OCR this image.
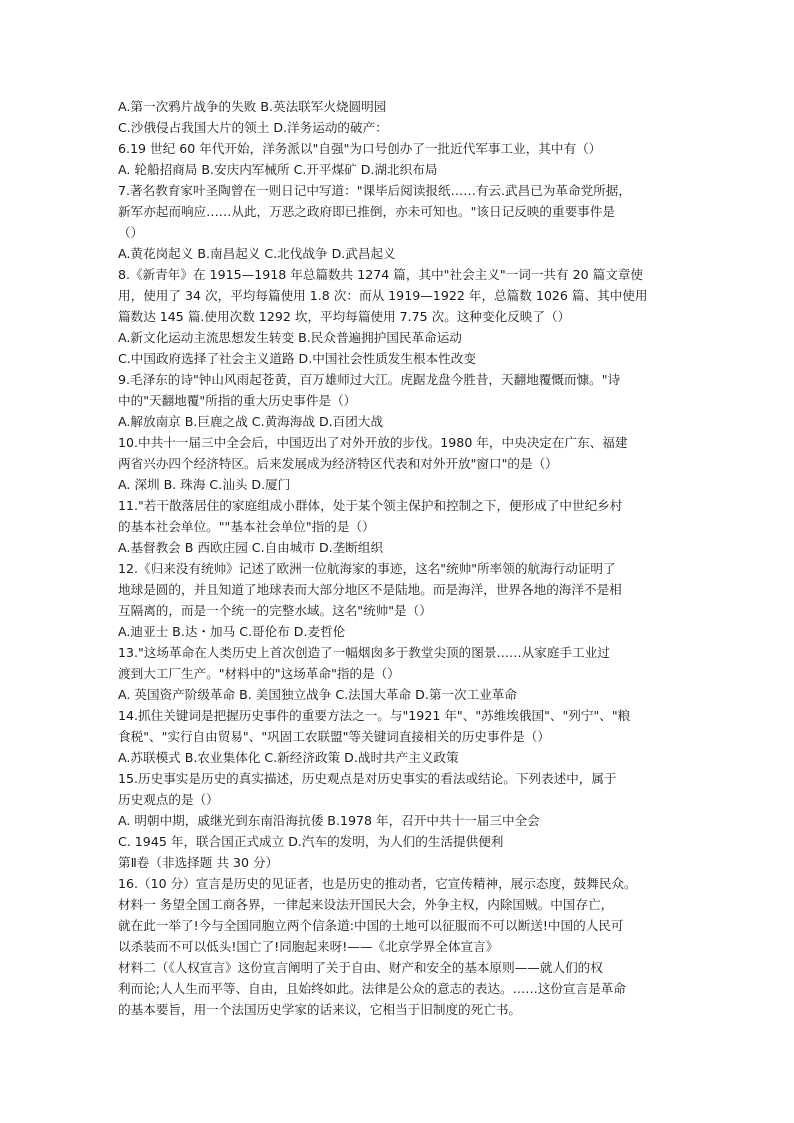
A.第一次鸦片战争的失败 B.英法联军火烧圆明园
C.沙俄侵占我国大片的领土 D.洋务运动的破产：
6.19 世纪 60 年代开始，洋务派以"自强"为口号创办了一批近代军事工业，其中有（）
A. 轮船招商局 B.安庆内军械所 C.开平煤矿 D.湖北织布局
7.著名教育家叶圣陶曾在一则日记中写道："课毕后阅读报纸……有云.武昌已为革命党所据，
新军亦起而响应……从此，万恶之政府即已推倒，亦未可知也。"该日记反映的重要事件是
（）
A.黄花岗起义 B.南昌起义 C.北伐战争 D.武昌起义
8.《新青年》在 1915—1918 年总篇数共 1274 篇，其中"社会主义"一词一共有 20 篇文章使
用，使用了 34 次，平均每篇使用 1.8 次：而从 1919—1922 年，总篇数 1026 篇、其中使用
篇数达 145 篇.使用次数 1292 坎，平均每篇使用 7.75 次。这种变化反映了（）
A.新文化运动主流思想发生转变 B.民众普遍拥护国民革命运动
C.中国政府选择了社会主义道路 D.中国社会性质发生根本性改变
9.毛泽东的诗"钟山风雨起苍黄，百万雄师过大江。虎踞龙盘今胜昔，天翻地覆慨而慷。"诗
中的"天翻地覆"所指的重大历史事件是（）
A.解放南京 B.巨鹿之战 C.黄海海战 D.百团大战
10.中共十一届三中全会后，中国迈出了对外开放的步伐。1980 年，中央决定在广东、福建
两省兴办四个经济特区。后来发展成为经济特区代表和对外开放"窗口"的是（）
A. 深圳 B. 珠海 C.汕头 D.厦门
11."若干散落居住的家庭组成小群体，处于某个领主保护和控制之下，便形成了中世纪乡村
的基本社会单位。""基本社会单位"指的是（）
A.基督教会 B 西欧庄园 C.自由城市 D.垄断组织
12.《归来没有统帅》记述了欧洲一位航海家的事迹，这名"统帅"所率领的航海行动证明了
地球是圆的，并且知道了地球表而大部分地区不是陆地。而是海洋，世界各地的海洋不是相
互隔离的，而是一个统一的完整水域。这名"统帅"是（）
A.迪亚士 B.达・加马 C.哥伦布 D.麦哲伦
13."这场革命在人类历史上首次创造了一幅烟囱多于教堂尖顶的图景……从家庭手工业过
渡到大工厂生产。"材料中的"这场革命"指的是（）
A. 英国资产阶级革命 B. 美国独立战争 C.法国大革命 D.第一次工业革命
14.抓住关键词是把握历史事件的重要方法之一。与"1921 年"、"苏维埃俄国"、"列宁"、"粮
食税"、"实行自由贸易"、"巩固工农联盟"等关键词直接相关的历史事件是（）
A.苏联模式 B.农业集体化 C.新经济政策 D.战时共产主义政策
15.历史事实是历史的真实描述，历史观点是对历史事实的看法或结论。下列表述中，属于
历史观点的是（）
A. 明朝中期，戚继光到东南沿海抗倭 B.1978 年，召开中共十一届三中全会
C. 1945 年，联合国正式成立 D.汽车的发明，为人们的生活提供便利
第Ⅱ卷（非选择题 共 30 分）
16.（10 分）宣言是历史的见证者，也是历史的推动者，它宣传精神，展示态度，鼓舞民众。
材料一 务望全国工商各界，一律起来设法开国民大会，外争主权，内除国贼。中国存亡，
就在此一举了!今与全国同胞立两个信条道:中国的土地可以征服而不可以断送!中国的人民可
以杀装而不可以低头!国亡了!同胞起来呀!——《北京学界全体宣言》
材料二（《人权宣言》这份宣言阐明了关于自由、财产和安全的基本原则——就人们的权
利而论;人人生而平等、自由，且始终如此。法律是公众的意志的表达。……这份宣言是革命
的基本要旨，用一个法国历史学家的话来议，它相当于旧制度的死亡书。
